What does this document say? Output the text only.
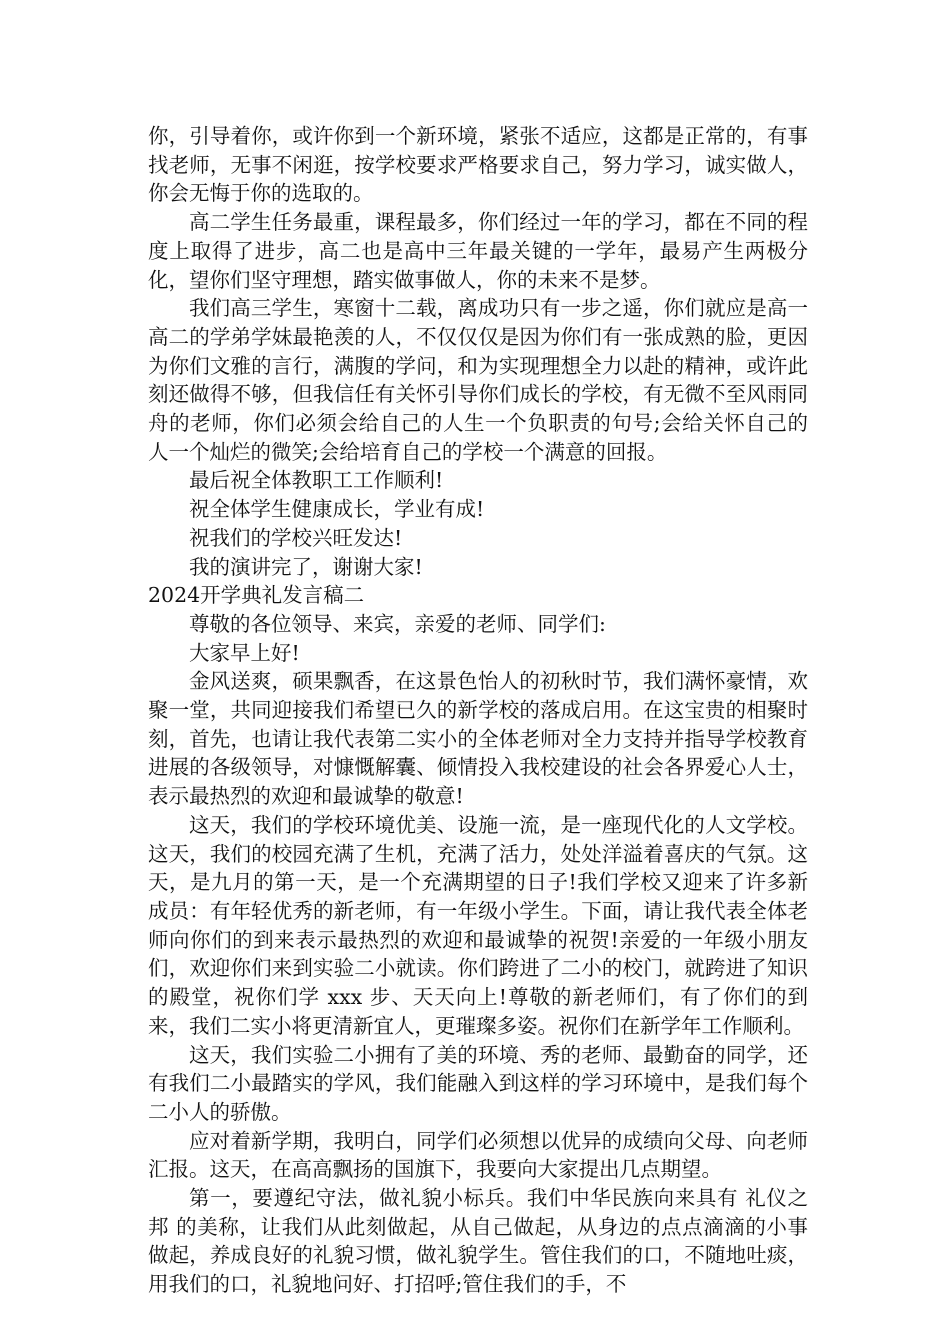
你，引导着你，或许你到一个新环境，紧张不适应，这都是正常的，有事找老师，无事不闲逛，按学校要求严格要求自己，努力学习，诚实做人，你会无悔于你的选取的。

高二学生任务最重，课程最多，你们经过一年的学习，都在不同的程度上取得了进步，高二也是高中三年最关键的一学年，最易产生两极分化，望你们坚守理想，踏实做事做人，你的未来不是梦。

我们高三学生，寒窗十二载，离成功只有一步之遥，你们就应是高一高二的学弟学妹最艳羡的人，不仅仅仅是因为你们有一张成熟的脸，更因为你们文雅的言行，满腹的学问，和为实现理想全力以赴的精神，或许此刻还做得不够，但我信任有关怀引导你们成长的学校，有无微不至风雨同舟的老师，你们必须会给自己的人生一个负职责的句号;会给关怀自己的人一个灿烂的微笑;会给培育自己的学校一个满意的回报。

最后祝全体教职工工作顺利!

祝全体学生健康成长，学业有成!

祝我们的学校兴旺发达!

我的演讲完了，谢谢大家!

2024开学典礼发言稿二

尊敬的各位领导、来宾，亲爱的老师、同学们:

大家早上好!

金风送爽，硕果飘香，在这景色怡人的初秋时节，我们满怀豪情，欢聚一堂，共同迎接我们希望已久的新学校的落成启用。在这宝贵的相聚时刻，首先，也请让我代表第二实小的全体老师对全力支持并指导学校教育进展的各级领导，对慷慨解囊、倾情投入我校建设的社会各界爱心人士，表示最热烈的欢迎和最诚挚的敬意!

这天，我们的学校环境优美、设施一流，是一座现代化的人文学校。这天，我们的校园充满了生机，充满了活力，处处洋溢着喜庆的气氛。这天，是九月的第一天，是一个充满期望的日子!我们学校又迎来了许多新成员：有年轻优秀的新老师，有一年级小学生。下面，请让我代表全体老师向你们的到来表示最热烈的欢迎和最诚挚的祝贺!亲爱的一年级小朋友们，欢迎你们来到实验二小就读。你们跨进了二小的校门，就跨进了知识的殿堂，祝你们学 xxx 步、天天向上!尊敬的新老师们，有了你们的到来，我们二实小将更清新宜人，更璀璨多姿。祝你们在新学年工作顺利。

这天，我们实验二小拥有了美的环境、秀的老师、最勤奋的同学，还有我们二小最踏实的学风，我们能融入到这样的学习环境中，是我们每个二小人的骄傲。

应对着新学期，我明白，同学们必须想以优异的成绩向父母、向老师汇报。这天，在高高飘扬的国旗下，我要向大家提出几点期望。

第一，要遵纪守法，做礼貌小标兵。我们中华民族向来具有 礼仪之邦 的美称，让我们从此刻做起，从自己做起，从身边的点点滴滴的小事做起，养成良好的礼貌习惯，做礼貌学生。管住我们的口，不随地吐痰，用我们的口，礼貌地问好、打招呼;管住我们的手，不
